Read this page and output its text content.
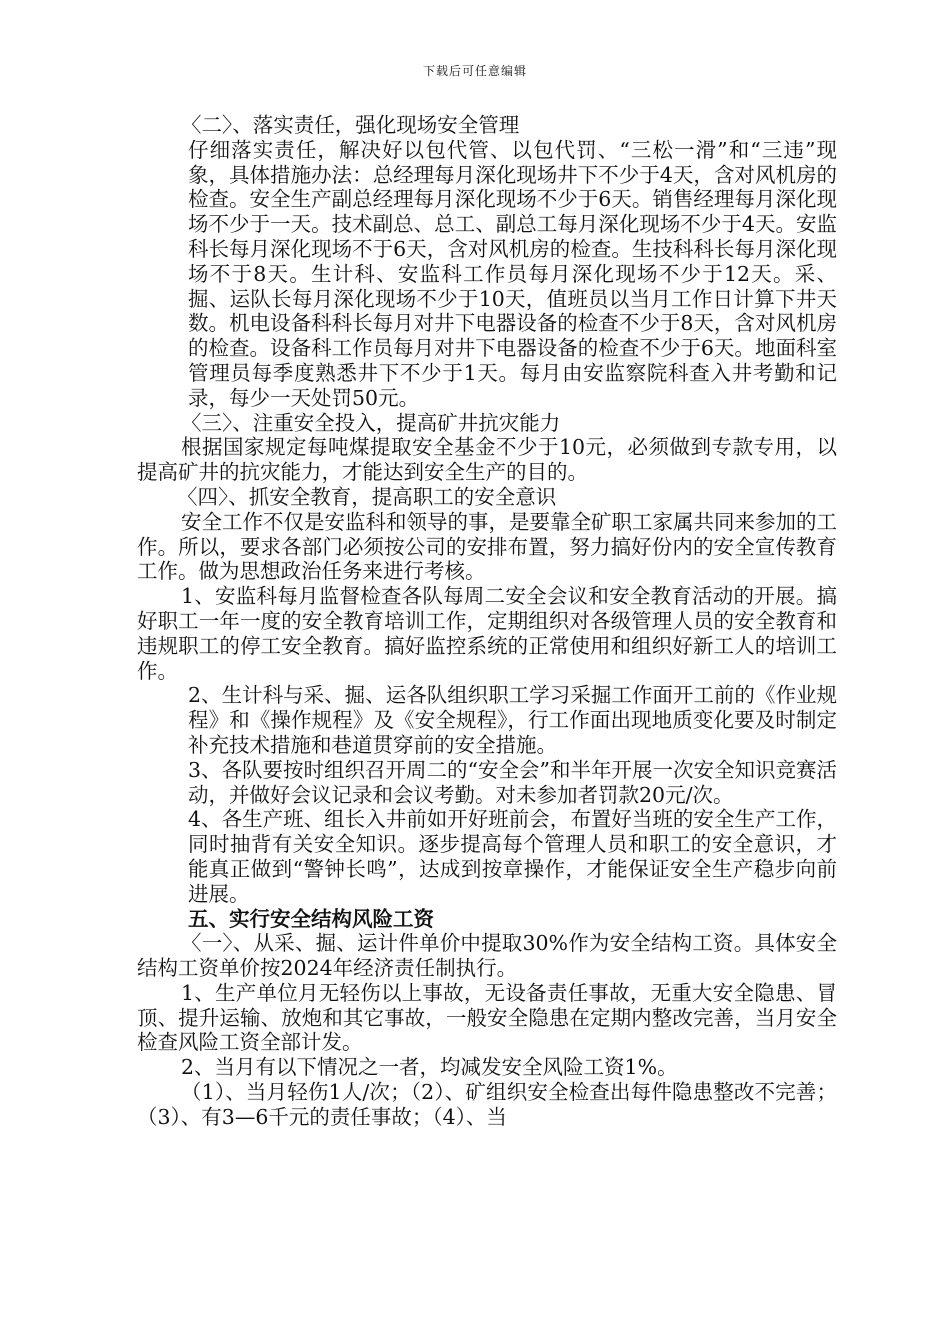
下载后可任意编辑

〈二〉、落实责任，强化现场安全管理

仔细落实责任，解决好以包代管、以包代罚、“三松一滑”和“三违”现象，具体措施办法：总经理每月深化现场井下不少于4天，含对风机房的检查。安全生产副总经理每月深化现场不少于6天。销售经理每月深化现场不少于一天。技术副总、总工、副总工每月深化现场不少于4天。安监科长每月深化现场不于6天，含对风机房的检查。生技科科长每月深化现场不于8天。生计科、安监科工作员每月深化现场不少于12天。采、掘、运队长每月深化现场不少于10天，值班员以当月工作日计算下井天数。机电设备科科长每月对井下电器设备的检查不少于8天，含对风机房的检查。设备科工作员每月对井下电器设备的检查不少于6天。地面科室管理员每季度熟悉井下不少于1天。每月由安监察院科查入井考勤和记录，每少一天处罚50元。

〈三〉、注重安全投入，提高矿井抗灾能力

根据国家规定每吨煤提取安全基金不少于10元，必须做到专款专用，以提高矿井的抗灾能力，才能达到安全生产的目的。

〈四〉、抓安全教育，提高职工的安全意识

安全工作不仅是安监科和领导的事，是要靠全矿职工家属共同来参加的工作。所以，要求各部门必须按公司的安排布置，努力搞好份内的安全宣传教育工作。做为思想政治任务来进行考核。

1、安监科每月监督检查各队每周二安全会议和安全教育活动的开展。搞好职工一年一度的安全教育培训工作，定期组织对各级管理人员的安全教育和违规职工的停工安全教育。搞好监控系统的正常使用和组织好新工人的培训工作。

2、生计科与采、掘、运各队组织职工学习采掘工作面开工前的《作业规程》和《操作规程》及《安全规程》，行工作面出现地质变化要及时制定补充技术措施和巷道贯穿前的安全措施。

3、各队要按时组织召开周二的“安全会”和半年开展一次安全知识竞赛活动，并做好会议记录和会议考勤。对未参加者罚款20元/次。

4、各生产班、组长入井前如开好班前会，布置好当班的安全生产工作，同时抽背有关安全知识。逐步提高每个管理人员和职工的安全意识，才能真正做到“警钟长鸣”，达成到按章操作，才能保证安全生产稳步向前进展。

五、实行安全结构风险工资

〈一〉、从采、掘、运计件单价中提取30%作为安全结构工资。具体安全结构工资单价按2024年经济责任制执行。

1、生产单位月无轻伤以上事故，无设备责任事故，无重大安全隐患、冒顶、提升运输、放炮和其它事故，一般安全隐患在定期内整改完善，当月安全检查风险工资全部计发。

2、当月有以下情况之一者，均减发安全风险工资1%。

（1）、当月轻伤1人/次；（2）、矿组织安全检查出每件隐患整改不完善；（3）、有3—6千元的责任事故；（4）、当
